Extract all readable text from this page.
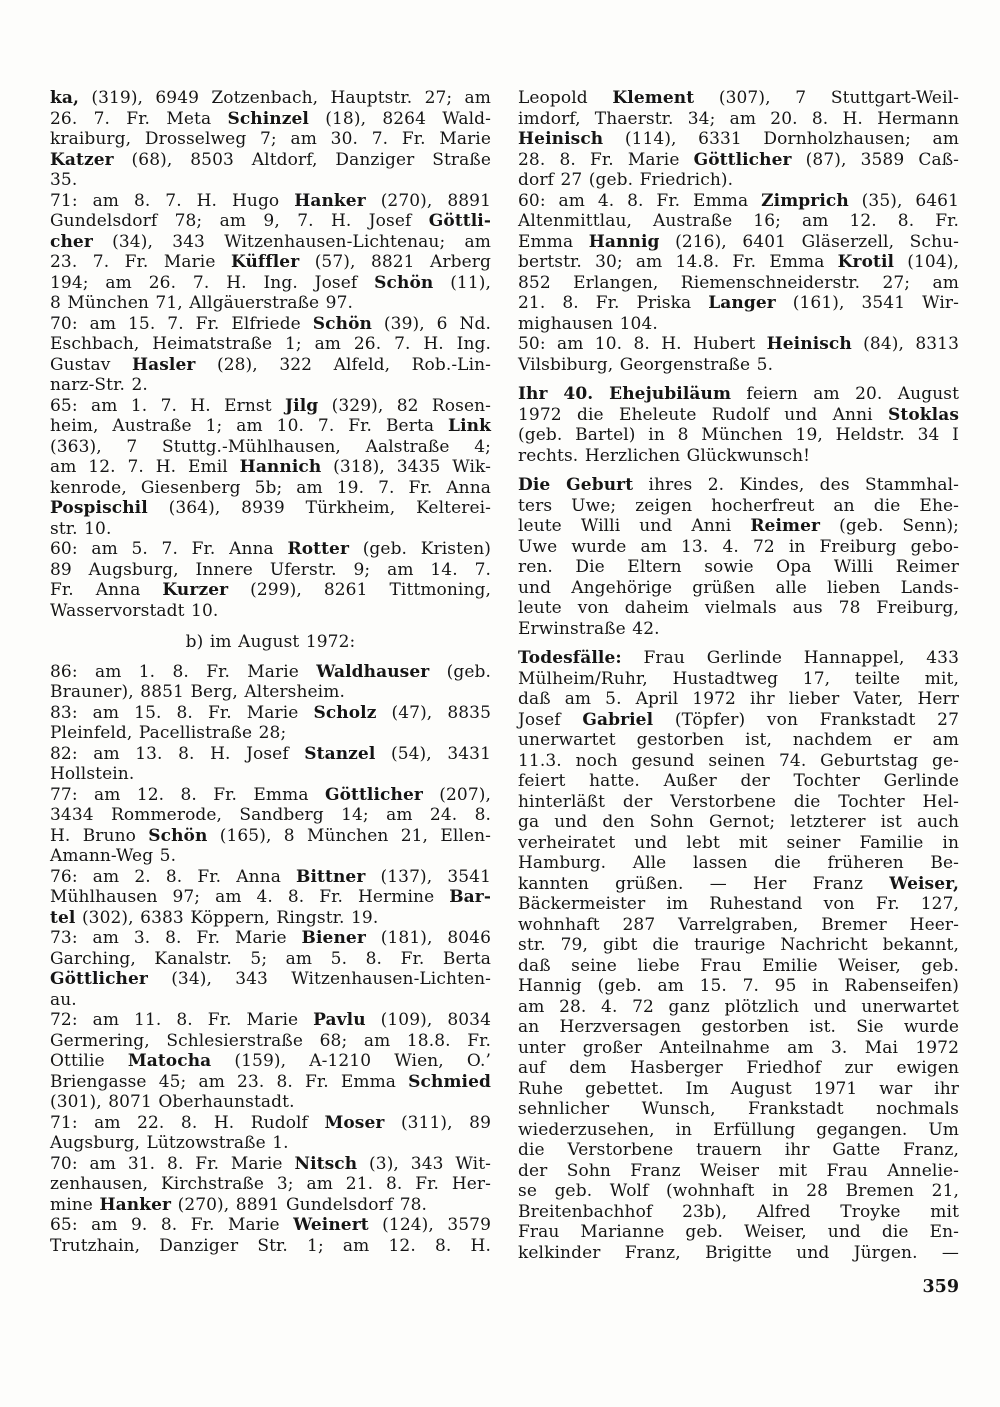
ka, (319), 6949 Zotzenbach, Hauptstr. 27; am
26. 7. Fr. Meta Schinzel (18), 8264 Wald-
kraiburg, Drosselweg 7; am 30. 7. Fr. Marie
Katzer (68), 8503 Altdorf, Danziger Straße
35.
71: am 8. 7. H. Hugo Hanker (270), 8891
Gundelsdorf 78; am 9, 7. H. Josef Göttli-
cher (34), 343 Witzenhausen-Lichtenau; am
23. 7. Fr. Marie Küffler (57), 8821 Arberg
194; am 26. 7. H. Ing. Josef Schön (11),
8 München 71, Allgäuerstraße 97.
70: am 15. 7. Fr. Elfriede Schön (39), 6 Nd.
Eschbach, Heimatstraße 1; am 26. 7. H. Ing.
Gustav Hasler (28), 322 Alfeld, Rob.-Lin-
narz-Str. 2.
65: am 1. 7. H. Ernst Jilg (329), 82 Rosen-
heim, Austraße 1; am 10. 7. Fr. Berta Link
(363), 7 Stuttg.-Mühlhausen, Aalstraße 4;
am 12. 7. H. Emil Hannich (318), 3435 Wik-
kenrode, Giesenberg 5b; am 19. 7. Fr. Anna
Pospischil (364), 8939 Türkheim, Kelterei-
str. 10.
60: am 5. 7. Fr. Anna Rotter (geb. Kristen)
89 Augsburg, Innere Uferstr. 9; am 14. 7.
Fr. Anna Kurzer (299), 8261 Tittmoning,
Wasservorstadt 10.
b) im August 1972:
86: am 1. 8. Fr. Marie Waldhauser (geb.
Brauner), 8851 Berg, Altersheim.
83: am 15. 8. Fr. Marie Scholz (47), 8835
Pleinfeld, Pacellistraße 28;
82: am 13. 8. H. Josef Stanzel (54), 3431
Hollstein.
77: am 12. 8. Fr. Emma Göttlicher (207),
3434 Rommerode, Sandberg 14; am 24. 8.
H. Bruno Schön (165), 8 München 21, Ellen-
Amann-Weg 5.
76: am 2. 8. Fr. Anna Bittner (137), 3541
Mühlhausen 97; am 4. 8. Fr. Hermine Bar-
tel (302), 6383 Köppern, Ringstr. 19.
73: am 3. 8. Fr. Marie Biener (181), 8046
Garching, Kanalstr. 5; am 5. 8. Fr. Berta
Göttlicher (34), 343 Witzenhausen-Lichten-
au.
72: am 11. 8. Fr. Marie Pavlu (109), 8034
Germering, Schlesierstraße 68; am 18.8. Fr.
Ottilie Matocha (159), A-1210 Wien, O.’
Briengasse 45; am 23. 8. Fr. Emma Schmied
(301), 8071 Oberhaunstadt.
71: am 22. 8. H. Rudolf Moser (311), 89
Augsburg, Lützowstraße 1.
70: am 31. 8. Fr. Marie Nitsch (3), 343 Wit-
zenhausen, Kirchstraße 3; am 21. 8. Fr. Her-
mine Hanker (270), 8891 Gundelsdorf 78.
65: am 9. 8. Fr. Marie Weinert (124), 3579
Trutzhain, Danziger Str. 1; am 12. 8. H.
Leopold Klement (307), 7 Stuttgart-Weil-
imdorf, Thaerstr. 34; am 20. 8. H. Hermann
Heinisch (114), 6331 Dornholzhausen; am
28. 8. Fr. Marie Göttlicher (87), 3589 Caß-
dorf 27 (geb. Friedrich).
60: am 4. 8. Fr. Emma Zimprich (35), 6461
Altenmittlau, Austraße 16; am 12. 8. Fr.
Emma Hannig (216), 6401 Gläserzell, Schu-
bertstr. 30; am 14.8. Fr. Emma Krotil (104),
852 Erlangen, Riemenschneiderstr. 27; am
21. 8. Fr. Priska Langer (161), 3541 Wir-
mighausen 104.
50: am 10. 8. H. Hubert Heinisch (84), 8313
Vilsbiburg, Georgenstraße 5.
Ihr 40. Ehejubiläum feiern am 20. August
1972 die Eheleute Rudolf und Anni Stoklas
(geb. Bartel) in 8 München 19, Heldstr. 34 I
rechts. Herzlichen Glückwunsch!
Die Geburt ihres 2. Kindes, des Stammhal-
ters Uwe; zeigen hocherfreut an die Ehe-
leute Willi und Anni Reimer (geb. Senn);
Uwe wurde am 13. 4. 72 in Freiburg gebo-
ren. Die Eltern sowie Opa Willi Reimer
und Angehörige grüßen alle lieben Lands-
leute von daheim vielmals aus 78 Freiburg,
Erwinstraße 42.
Todesfälle: Frau Gerlinde Hannappel, 433
Mülheim/Ruhr, Hustadtweg 17, teilte mit,
daß am 5. April 1972 ihr lieber Vater, Herr
Josef Gabriel (Töpfer) von Frankstadt 27
unerwartet gestorben ist, nachdem er am
11.3. noch gesund seinen 74. Geburtstag ge-
feiert hatte. Außer der Tochter Gerlinde
hinterläßt der Verstorbene die Tochter Hel-
ga und den Sohn Gernot; letzterer ist auch
verheiratet und lebt mit seiner Familie in
Hamburg. Alle lassen die früheren Be-
kannten grüßen. — Her Franz Weiser,
Bäckermeister im Ruhestand von Fr. 127,
wohnhaft 287 Varrelgraben, Bremer Heer-
str. 79, gibt die traurige Nachricht bekannt,
daß seine liebe Frau Emilie Weiser, geb.
Hannig (geb. am 15. 7. 95 in Rabenseifen)
am 28. 4. 72 ganz plötzlich und unerwartet
an Herzversagen gestorben ist. Sie wurde
unter großer Anteilnahme am 3. Mai 1972
auf dem Hasberger Friedhof zur ewigen
Ruhe gebettet. Im August 1971 war ihr
sehnlicher Wunsch, Frankstadt nochmals
wiederzusehen, in Erfüllung gegangen. Um
die Verstorbene trauern ihr Gatte Franz,
der Sohn Franz Weiser mit Frau Annelie-
se geb. Wolf (wohnhaft in 28 Bremen 21,
Breitenbachhof 23b), Alfred Troyke mit
Frau Marianne geb. Weiser, und die En-
kelkinder Franz, Brigitte und Jürgen. —
359
